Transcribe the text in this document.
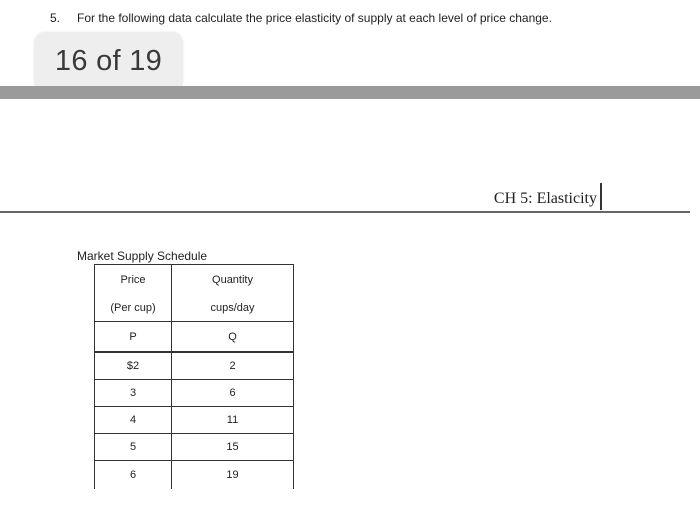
5. For the following data calculate the price elasticity of supply at each level of price change.
16 of 19
CH 5: Elasticity
Market Supply Schedule
Price	Quantity
(Per cup)	cups/day
P	Q
$2	2
3	6
4	11
5	15
6	19
